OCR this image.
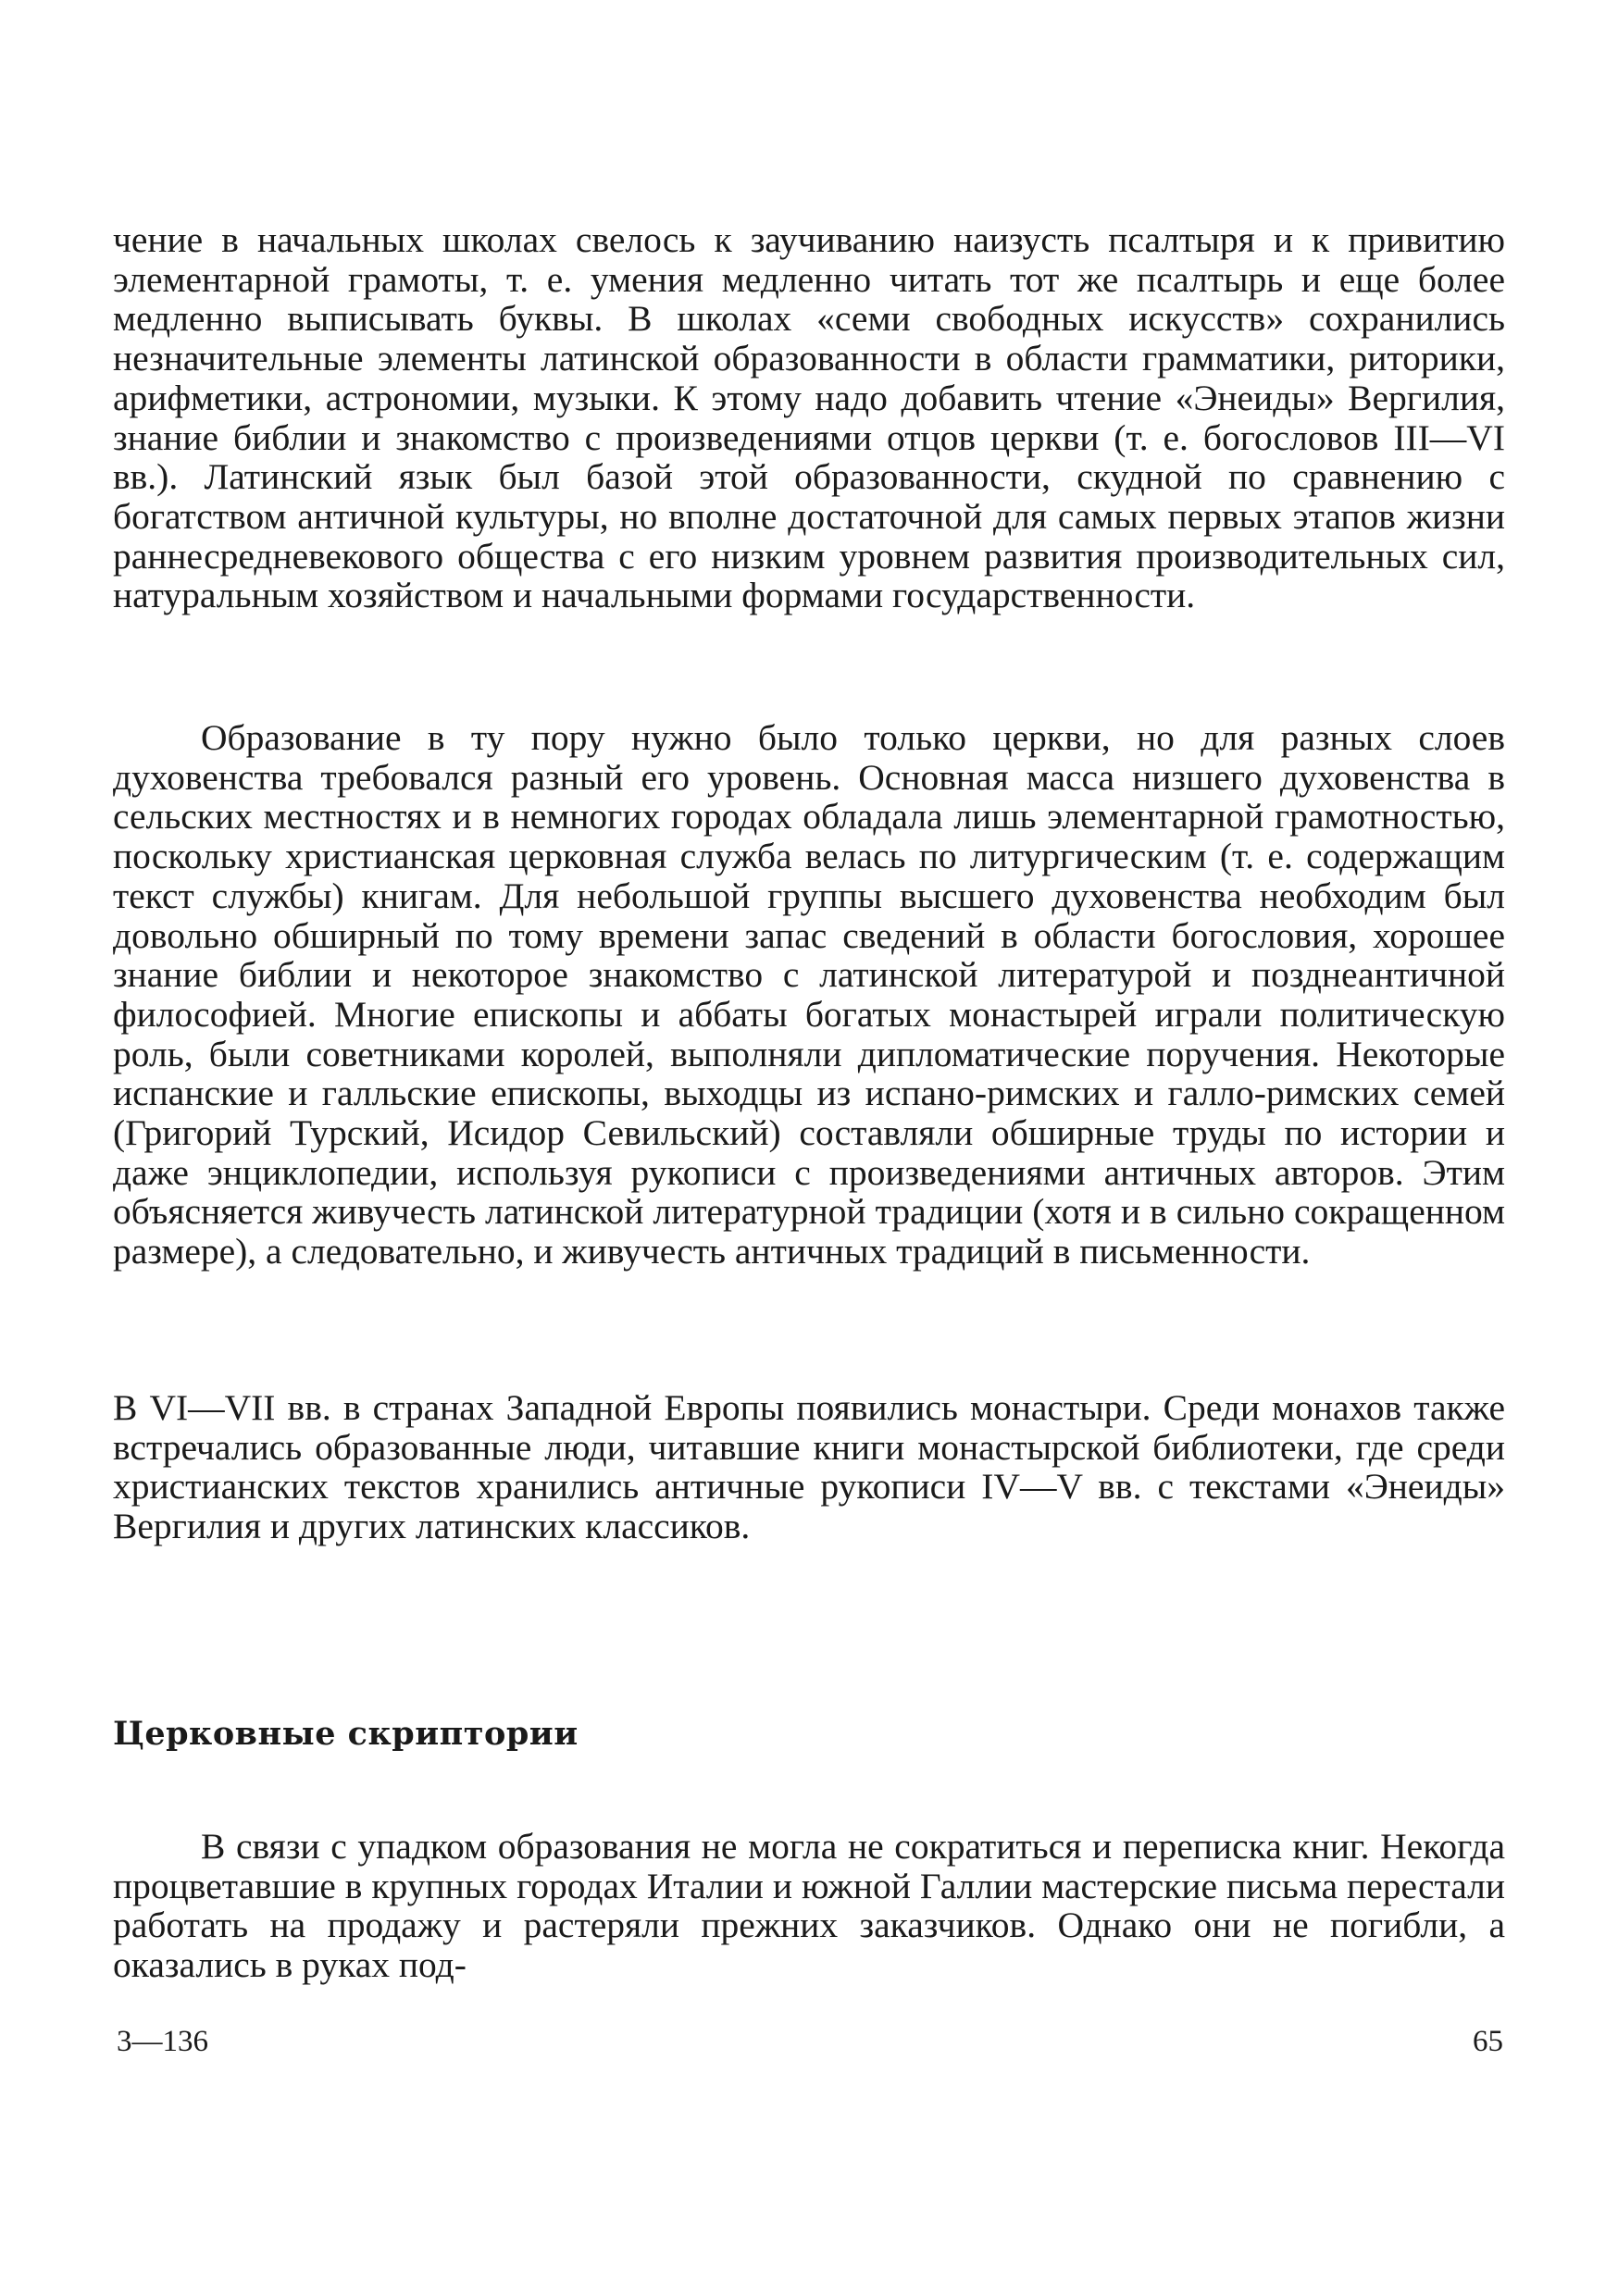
чение в начальных школах свелось к заучиванию наизусть псалтыря и к привитию элементарной грамоты, т. е. умения медленно читать тот же псалтырь и еще более медленно выписывать буквы. В школах «семи свободных искусств» сохранились незначительные элементы латинской образованности в области грамматики, риторики, арифметики, астрономии, музыки. К этому надо добавить чтение «Энеиды» Вергилия, знание библии и знакомство с произведениями отцов церкви (т. е. богословов III—VI вв.). Латинский язык был базой этой образованности, скудной по сравнению с богатством античной культуры, но вполне достаточной для самых первых этапов жизни раннесредневекового общества с его низким уровнем развития производительных сил, натуральным хозяйством и начальными формами государственности.

Образование в ту пору нужно было только церкви, но для разных слоев духовенства требовался разный его уровень. Основная масса низшего духовенства в сельских местностях и в немногих городах обладала лишь элементарной грамотностью, поскольку христианская церковная служба велась по литургическим (т. е. содержащим текст службы) книгам. Для небольшой группы высшего духовенства необходим был довольно обширный по тому времени запас сведений в области богословия, хорошее знание библии и некоторое знакомство с латинской литературой и позднеантичной философией. Многие епископы и аббаты богатых монастырей играли политическую роль, были советниками королей, выполняли дипломатические поручения. Некоторые испанские и галльские епископы, выходцы из испано-римских и галло-римских семей (Григорий Турский, Исидор Севильский) составляли обширные труды по истории и даже энциклопедии, используя рукописи с произведениями античных авторов. Этим объясняется живучесть латинской литературной традиции (хотя и в сильно сокращенном размере), а следовательно, и живучесть античных традиций в письменности.

В VI—VII вв. в странах Западной Европы появились монастыри. Среди монахов также встречались образованные люди, читавшие книги монастырской библиотеки, где среди христианских текстов хранились античные рукописи IV—V вв. с текстами «Энеиды» Вергилия и других латинских классиков.

Церковные скриптории

В связи с упадком образования не могла не сократиться и переписка книг. Некогда процветавшие в крупных городах Италии и южной Галлии мастерские письма перестали работать на продажу и растеряли прежних заказчиков. Однако они не погибли, а оказались в руках под-

3—136	65
